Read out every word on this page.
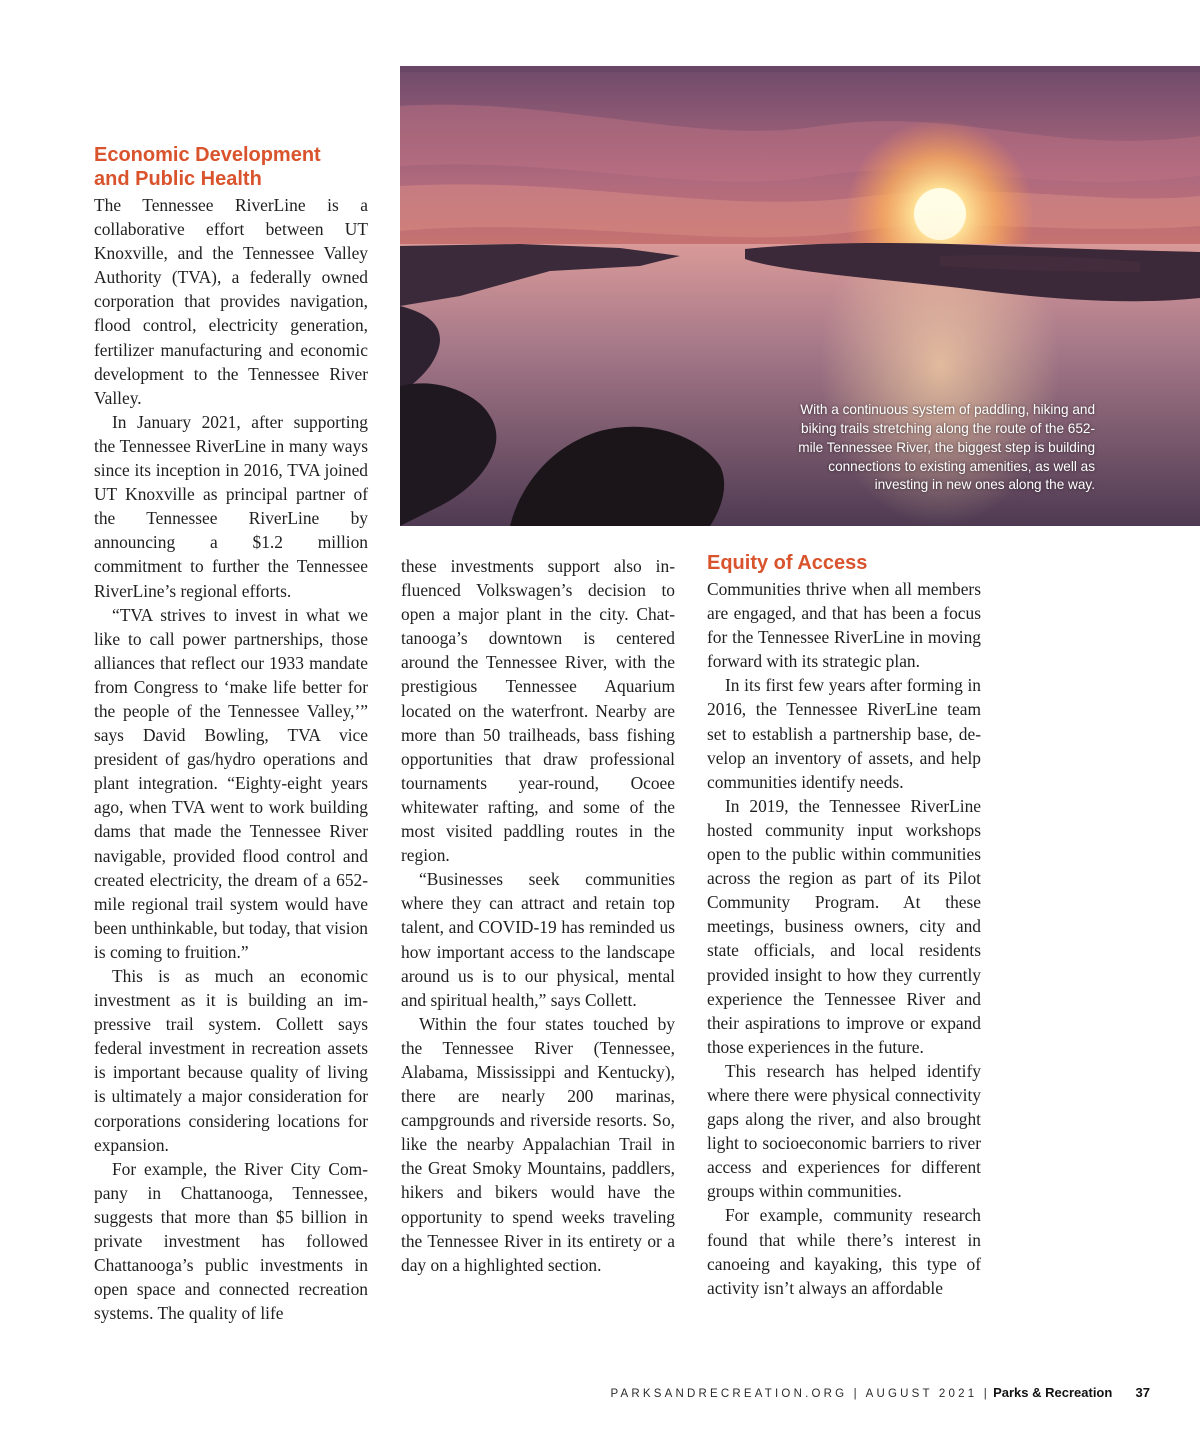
With a continuous system of paddling, hiking and
biking trails stretching along the route of the 652-
mile Tennessee River, the biggest step is building
connections to existing amenities, as well as
investing in new ones along the way.
Economic Development
and Public Health

The Tennessee RiverLine is a collaborative effort between UT Knoxville, and the Tennessee Valley Authority (TVA), a federally owned corporation that provides navigation, flood control, electricity generation, fertilizer manufacturing and economic development to the Tennessee River Valley.

In January 2021, after supporting the Tennessee RiverLine in many ways since its inception in 2016, TVA joined UT Knoxville as principal partner of the Tennessee RiverLine by announcing a $1.2 million commitment to further the Tennessee RiverLine’s regional efforts.

“TVA strives to invest in what we like to call power partnerships, those alliances that reflect our 1933 mandate from Congress to ‘make life better for the people of the Tennessee Valley,’” says David Bowling, TVA vice president of gas/hydro operations and plant integration. “Eighty-eight years ago, when TVA went to work building dams that made the Tennessee River navigable, provided flood control and created electricity, the dream of a 652-mile regional trail system would have been unthinkable, but today, that vision is coming to fruition.”

This is as much an economic investment as it is building an impressive trail system. Collett says federal investment in recreation assets is important because quality of living is ultimately a major consideration for corporations considering locations for expansion.

For example, the River City Company in Chattanooga, Tennessee, suggests that more than $5 billion in private investment has followed Chattanooga’s public investments in open space and connected recreation systems. The quality of life

these investments support also influenced Volkswagen’s decision to open a major plant in the city. Chattanooga’s downtown is centered around the Tennessee River, with the prestigious Tennessee Aquarium located on the waterfront. Nearby are more than 50 trailheads, bass fishing opportunities that draw professional tournaments year-round, Ocoee whitewater rafting, and some of the most visited paddling routes in the region.

“Businesses seek communities where they can attract and retain top talent, and COVID-19 has reminded us how important access to the landscape around us is to our physical, mental and spiritual health,” says Collett.

Within the four states touched by the Tennessee River (Tennessee, Alabama, Mississippi and Kentucky), there are nearly 200 marinas, campgrounds and riverside resorts. So, like the nearby Appalachian Trail in the Great Smoky Mountains, paddlers, hikers and bikers would have the opportunity to spend weeks traveling the Tennessee River in its entirety or a day on a highlighted section.

Equity of Access

Communities thrive when all members are engaged, and that has been a focus for the Tennessee RiverLine in moving forward with its strategic plan.

In its first few years after forming in 2016, the Tennessee RiverLine team set to establish a partnership base, develop an inventory of assets, and help communities identify needs.

In 2019, the Tennessee RiverLine hosted community input workshops open to the public within communities across the region as part of its Pilot Community Program. At these meetings, business owners, city and state officials, and local residents provided insight to how they currently experience the Tennessee River and their aspirations to improve or expand those experiences in the future.

This research has helped identify where there were physical connectivity gaps along the river, and also brought light to socioeconomic barriers to river access and experiences for different groups within communities.

For example, community research found that while there’s interest in canoeing and kayaking, this type of activity isn’t always an affordable

PARKSANDRECREATION.ORG | AUGUST 2021 | Parks & Recreation 37
